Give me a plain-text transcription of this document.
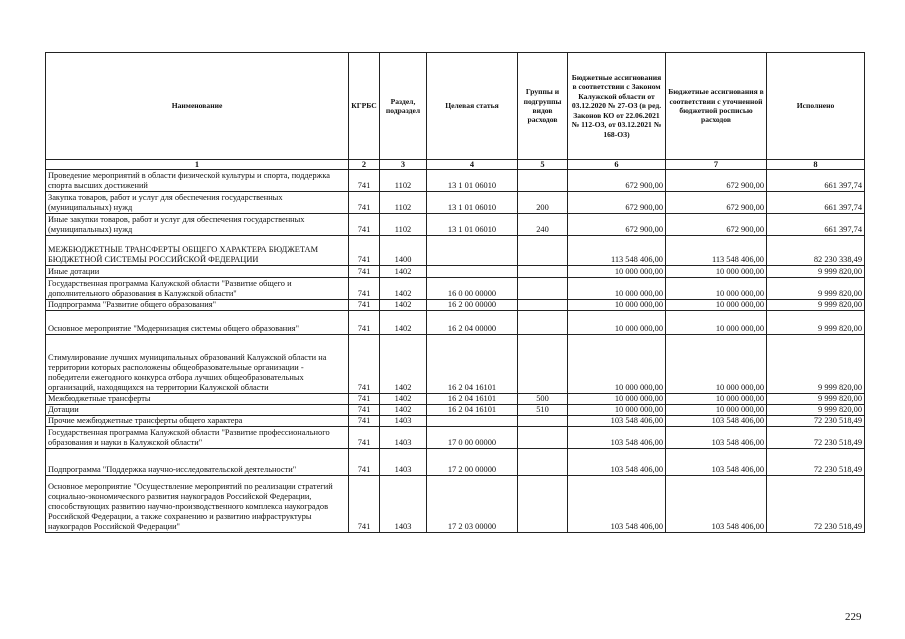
Наименование	КГРБС	Раздел, подраздел	Целевая статья	Группы и подгруппы видов расходов	Бюджетные ассигнования в соответствии с Законом Калужской области от 03.12.2020 № 27-ОЗ (в ред. Законов КО от 22.06.2021 № 112-ОЗ, от 03.12.2021 № 168-ОЗ)	Бюджетные ассигнования в соответствии с уточненной бюджетной росписью расходов	Исполнено
1	2	3	4	5	6	7	8
Проведение мероприятий в области физической культуры и спорта, поддержка спорта высших достижений	741	1102	13 1 01 06010		672 900,00	672 900,00	661 397,74
Закупка товаров, работ и услуг для обеспечения государственных (муниципальных) нужд	741	1102	13 1 01 06010	200	672 900,00	672 900,00	661 397,74
Иные закупки товаров, работ и услуг для обеспечения государственных (муниципальных) нужд	741	1102	13 1 01 06010	240	672 900,00	672 900,00	661 397,74
МЕЖБЮДЖЕТНЫЕ ТРАНСФЕРТЫ ОБЩЕГО ХАРАКТЕРА БЮДЖЕТАМ БЮДЖЕТНОЙ СИСТЕМЫ РОССИЙСКОЙ ФЕДЕРАЦИИ	741	1400			113 548 406,00	113 548 406,00	82 230 338,49
Иные дотации	741	1402			10 000 000,00	10 000 000,00	9 999 820,00
Государственная программа Калужской области "Развитие общего и дополнительного образования в Калужской области"	741	1402	16 0 00 00000		10 000 000,00	10 000 000,00	9 999 820,00
Подпрограмма "Развитие общего образования"	741	1402	16 2 00 00000		10 000 000,00	10 000 000,00	9 999 820,00
Основное мероприятие "Модернизация системы общего образования"	741	1402	16 2 04 00000		10 000 000,00	10 000 000,00	9 999 820,00
Стимулирование лучших муниципальных образований Калужской области на территории которых расположены общеобразовательные организации - победители ежегодного конкурса отбора лучших общеобразовательных организаций, находящихся на территории Калужской области	741	1402	16 2 04 16101		10 000 000,00	10 000 000,00	9 999 820,00
Межбюджетные трансферты	741	1402	16 2 04 16101	500	10 000 000,00	10 000 000,00	9 999 820,00
Дотации	741	1402	16 2 04 16101	510	10 000 000,00	10 000 000,00	9 999 820,00
Прочие межбюджетные трансферты общего характера	741	1403			103 548 406,00	103 548 406,00	72 230 518,49
Государственная программа Калужской области "Развитие профессионального образования и науки в Калужской области"	741	1403	17 0 00 00000		103 548 406,00	103 548 406,00	72 230 518,49
Подпрограмма "Поддержка научно-исследовательской деятельности"	741	1403	17 2 00 00000		103 548 406,00	103 548 406,00	72 230 518,49
Основное мероприятие "Осуществление мероприятий по реализации стратегий социально-экономического развития наукоградов Российской Федерации, способствующих развитию научно-производственного комплекса наукоградов Российской Федерации, а также сохранению и развитию инфраструктуры наукоградов Российской Федерации"	741	1403	17 2 03 00000		103 548 406,00	103 548 406,00	72 230 518,49
229
